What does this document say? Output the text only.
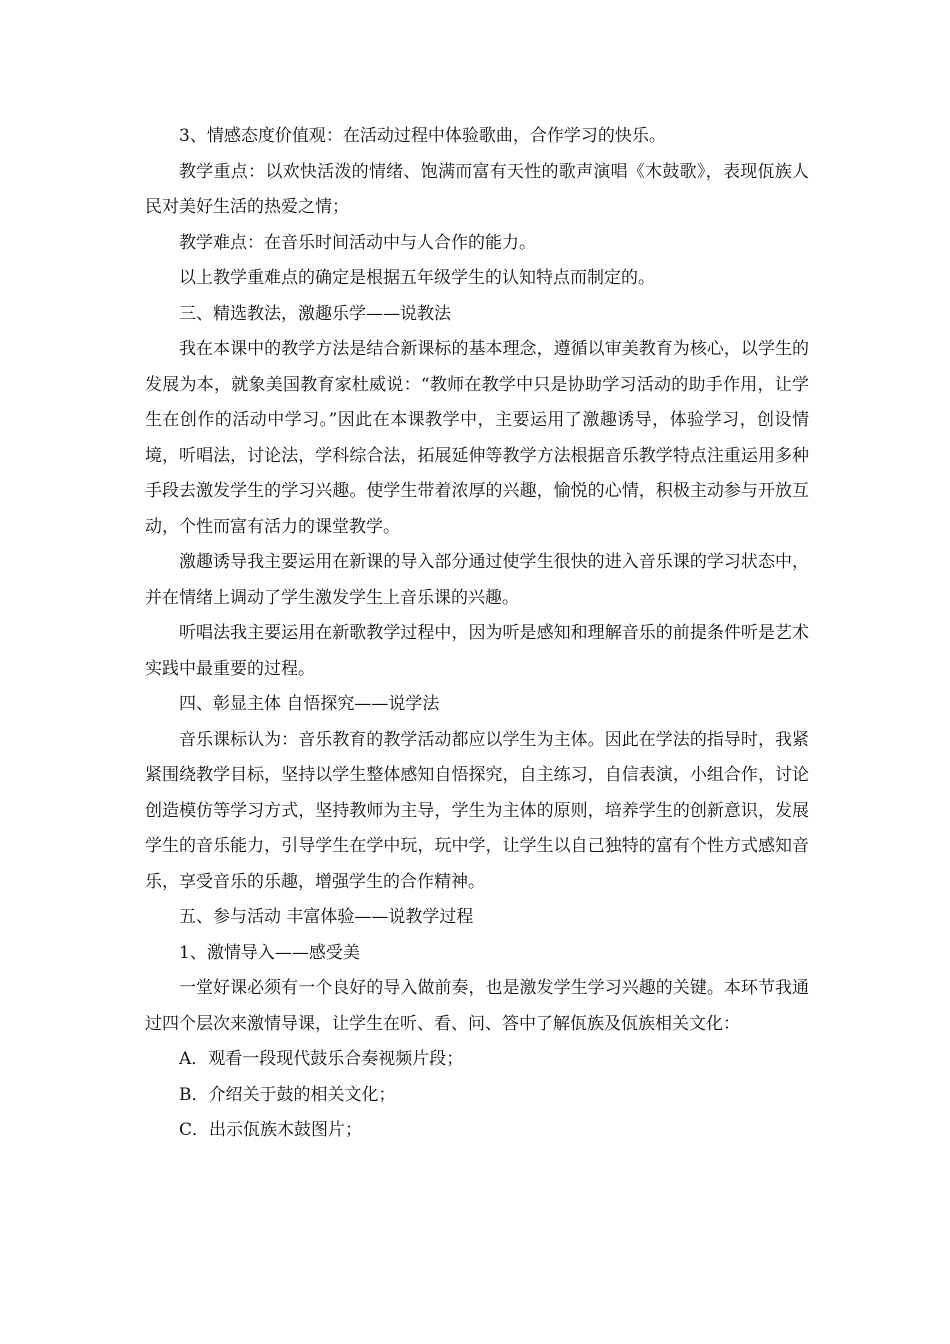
3、情感态度价值观：在活动过程中体验歌曲，合作学习的快乐。

教学重点：以欢快活泼的情绪、饱满而富有天性的歌声演唱《木鼓歌》，表现佤族人民对美好生活的热爱之情；

教学难点：在音乐时间活动中与人合作的能力。

以上教学重难点的确定是根据五年级学生的认知特点而制定的。

三、精选教法，激趣乐学——说教法

我在本课中的教学方法是结合新课标的基本理念，遵循以审美教育为核心，以学生的发展为本，就象美国教育家杜威说：“教师在教学中只是协助学习活动的助手作用，让学生在创作的活动中学习。”因此在本课教学中，主要运用了激趣诱导，体验学习，创设情境，听唱法，讨论法，学科综合法，拓展延伸等教学方法根据音乐教学特点注重运用多种手段去激发学生的学习兴趣。使学生带着浓厚的兴趣，愉悦的心情，积极主动参与开放互动，个性而富有活力的课堂教学。

激趣诱导我主要运用在新课的导入部分通过使学生很快的进入音乐课的学习状态中，并在情绪上调动了学生激发学生上音乐课的兴趣。

听唱法我主要运用在新歌教学过程中，因为听是感知和理解音乐的前提条件听是艺术实践中最重要的过程。

四、彰显主体 自悟探究——说学法

音乐课标认为：音乐教育的教学活动都应以学生为主体。因此在学法的指导时，我紧紧围绕教学目标，坚持以学生整体感知自悟探究，自主练习，自信表演，小组合作，讨论创造模仿等学习方式，坚持教师为主导，学生为主体的原则，培养学生的创新意识，发展学生的音乐能力，引导学生在学中玩，玩中学，让学生以自己独特的富有个性方式感知音乐，享受音乐的乐趣，增强学生的合作精神。

五、参与活动 丰富体验——说教学过程

1、激情导入——感受美

一堂好课必须有一个良好的导入做前奏，也是激发学生学习兴趣的关键。本环节我通过四个层次来激情导课，让学生在听、看、问、答中了解佤族及佤族相关文化：

A．观看一段现代鼓乐合奏视频片段；

B．介绍关于鼓的相关文化；

C．出示佤族木鼓图片；
